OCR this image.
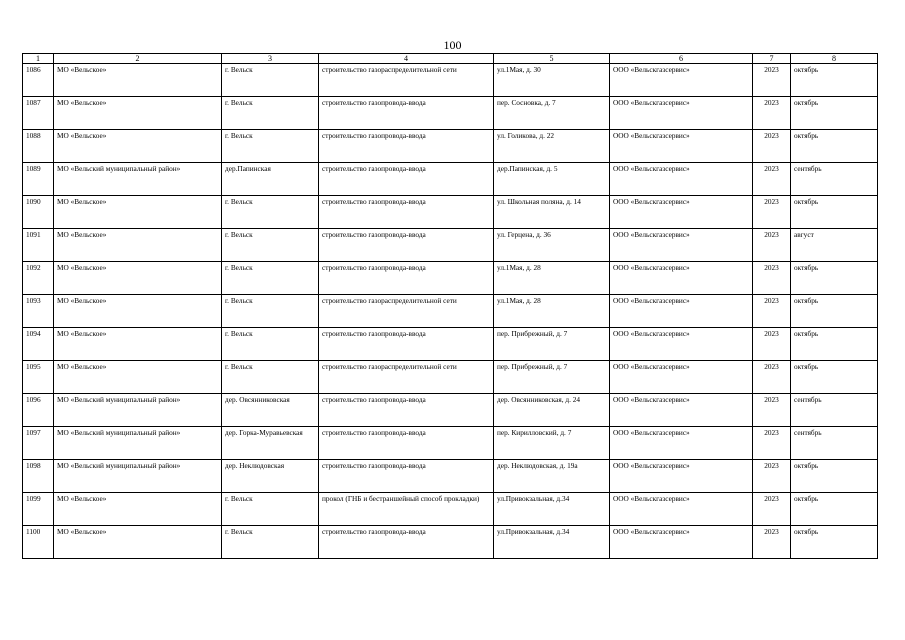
100
1	2	3	4	5	6	7	8
1086	МО «Вельское»	г. Вельск	строительство газораспределительной сети	ул.1Мая, д. 30	ООО «Вельскгазсервис»	2023	октябрь
1087	МО «Вельское»	г. Вельск	строительство газопровода-ввода	пер. Сосновка, д. 7	ООО «Вельскгазсервис»	2023	октябрь
1088	МО «Вельское»	г. Вельск	строительство газопровода-ввода	ул. Голикова, д. 22	ООО «Вельскгазсервис»	2023	октябрь
1089	МО «Вельский муниципальный район»	дер.Папинская	строительство газопровода-ввода	дер.Папинская, д. 5	ООО «Вельскгазсервис»	2023	сентябрь
1090	МО «Вельское»	г. Вельск	строительство газопровода-ввода	ул. Школьная поляна, д. 14	ООО «Вельскгазсервис»	2023	октябрь
1091	МО «Вельское»	г. Вельск	строительство газопровода-ввода	ул. Герцена, д. 36	ООО «Вельскгазсервис»	2023	август
1092	МО «Вельское»	г. Вельск	строительство газопровода-ввода	ул.1Мая, д. 28	ООО «Вельскгазсервис»	2023	октябрь
1093	МО «Вельское»	г. Вельск	строительство газораспределительной сети	ул.1Мая, д. 28	ООО «Вельскгазсервис»	2023	октябрь
1094	МО «Вельское»	г. Вельск	строительство газопровода-ввода	пер. Прибрежный, д. 7	ООО «Вельскгазсервис»	2023	октябрь
1095	МО «Вельское»	г. Вельск	строительство газораспределительной сети	пер. Прибрежный, д. 7	ООО «Вельскгазсервис»	2023	октябрь
1096	МО «Вельский муниципальный район»	дер. Овсянниковская	строительство газопровода-ввода	дер. Овсянниковская, д. 24	ООО «Вельскгазсервис»	2023	сентябрь
1097	МО «Вельский муниципальный район»	дер. Горка-Муравьевская	строительство газопровода-ввода	пер. Кирилловский, д. 7	ООО «Вельскгазсервис»	2023	сентябрь
1098	МО «Вельский муниципальный район»	дер. Неклюдовская	строительство газопровода-ввода	дер. Неклюдовская, д. 19а	ООО «Вельскгазсервис»	2023	октябрь
1099	МО «Вельское»	г. Вельск	прокол (ГНБ и бестраншейный способ прокладки)	ул.Привокзальная, д.34	ООО «Вельскгазсервис»	2023	октябрь
1100	МО «Вельское»	г. Вельск	строительство газопровода-ввода	ул.Привокзальная, д.34	ООО «Вельскгазсервис»	2023	октябрь
